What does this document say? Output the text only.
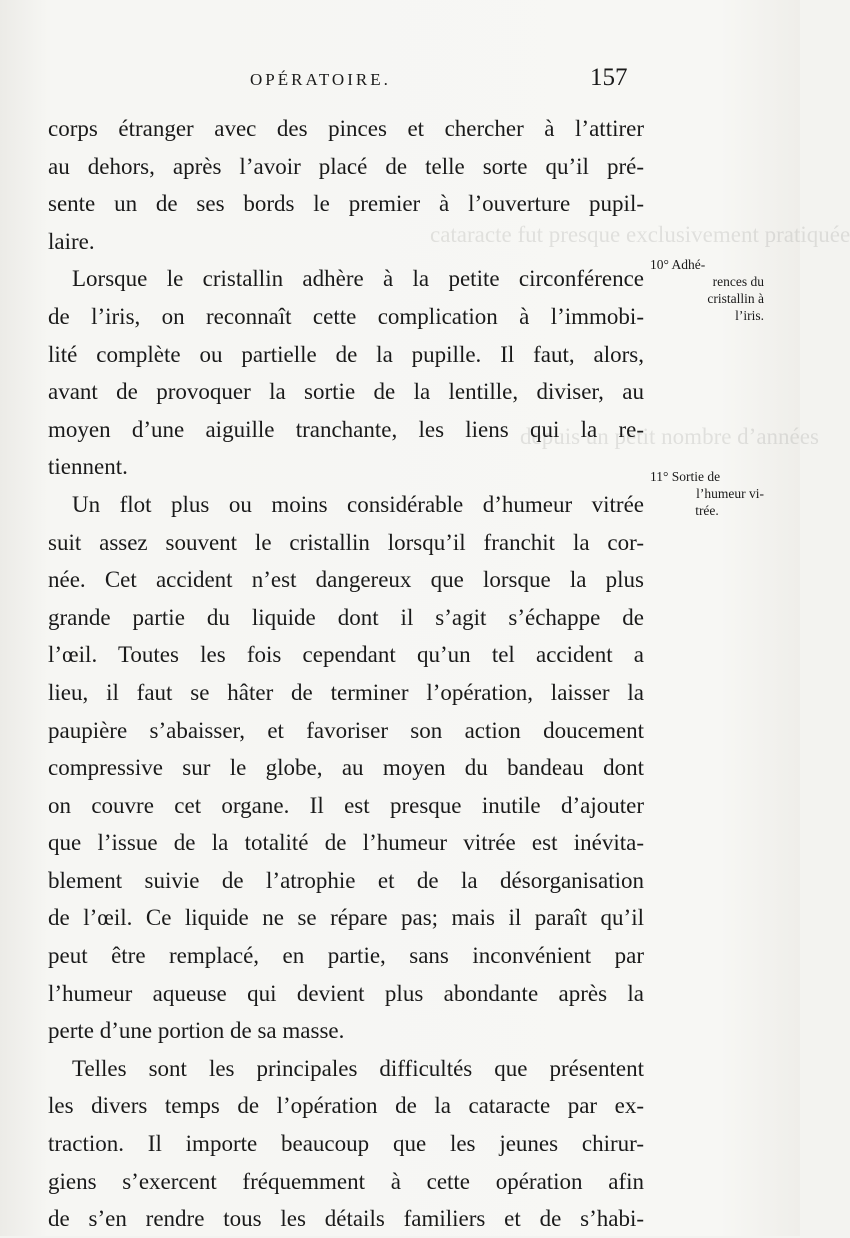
cataracte fut presque exclusivement pratiquée
depuis un petit nombre d’années
OPÉRATOIRE.	157
corps étranger avec des pinces et chercher à l’attirer
au dehors, après l’avoir placé de telle sorte qu’il pré-
sente un de ses bords le premier à l’ouverture pupil-
laire.
Lorsque le cristallin adhère à la petite circonférence
de l’iris, on reconnaît cette complication à l’immobi-
lité complète ou partielle de la pupille. Il faut, alors,
avant de provoquer la sortie de la lentille, diviser, au
moyen d’une aiguille tranchante, les liens qui la re-
tiennent.
Un flot plus ou moins considérable d’humeur vitrée
suit assez souvent le cristallin lorsqu’il franchit la cor-
née. Cet accident n’est dangereux que lorsque la plus
grande partie du liquide dont il s’agit s’échappe de
l’œil. Toutes les fois cependant qu’un tel accident a
lieu, il faut se hâter de terminer l’opération, laisser la
paupière s’abaisser, et favoriser son action doucement
compressive sur le globe, au moyen du bandeau dont
on couvre cet organe. Il est presque inutile d’ajouter
que l’issue de la totalité de l’humeur vitrée est inévita-
blement suivie de l’atrophie et de la désorganisation
de l’œil. Ce liquide ne se répare pas; mais il paraît qu’il
peut être remplacé, en partie, sans inconvénient par
l’humeur aqueuse qui devient plus abondante après la
perte d’une portion de sa masse.
Telles sont les principales difficultés que présentent
les divers temps de l’opération de la cataracte par ex-
traction. Il importe beaucoup que les jeunes chirur-
giens s’exercent fréquemment à cette opération afin
de s’en rendre tous les détails familiers et de s’habi-
10° Adhé-
rences du
cristallin à
l’iris.
11° Sortie de
l’humeur vi-
trée.
